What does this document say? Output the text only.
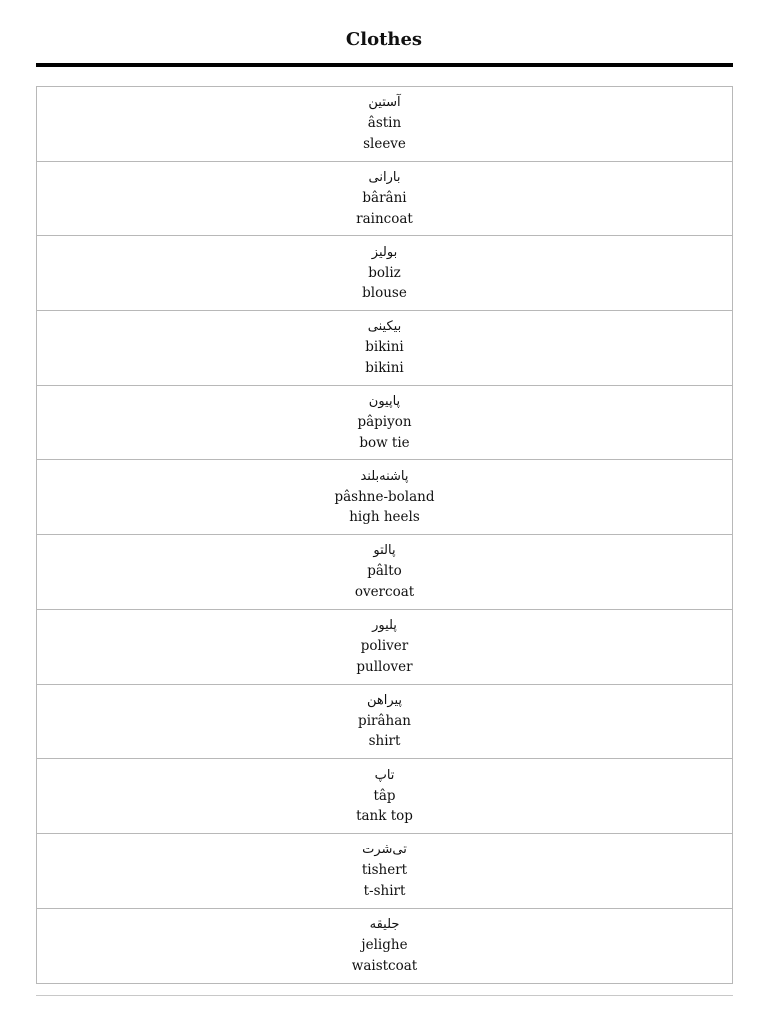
Clothes
آستین
âstin
sleeve
بارانی
bârâni
raincoat
بولیز
boliz
blouse
بیکینی
bikini
bikini
پاپیون
pâpiyon
bow tie
پاشنه‌بلند
pâshne-boland
high heels
پالتو
pâlto
overcoat
پلیور
poliver
pullover
پیراهن
pirâhan
shirt
تاپ
tâp
tank top
تی‌شرت
tishert
t-shirt
جلیقه
jelighe
waistcoat
